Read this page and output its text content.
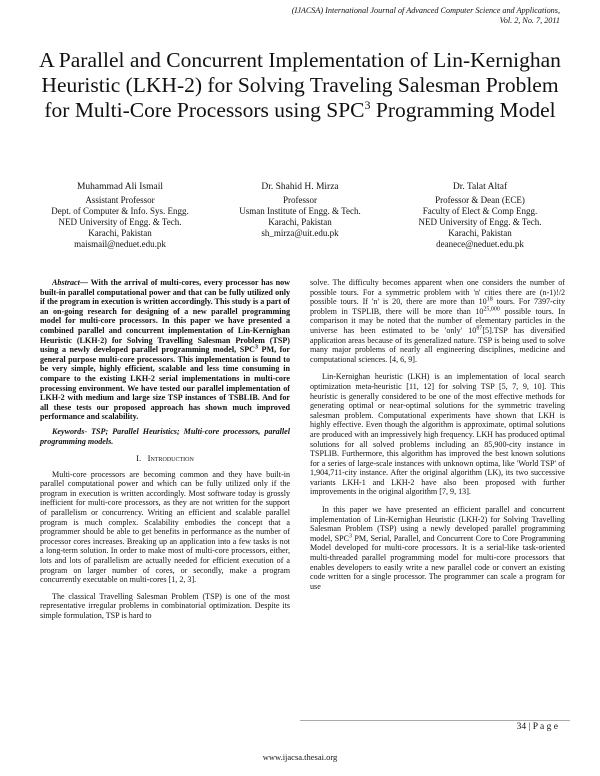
(IJACSA) International Journal of Advanced Computer Science and Applications,
Vol. 2, No. 7, 2011
A Parallel and Concurrent Implementation of Lin-Kernighan Heuristic (LKH-2) for Solving Traveling Salesman Problem for Multi-Core Processors using SPC$^3$ Programming Model
Muhammad Ali Ismail
Assistant Professor
Dept. of Computer & Info. Sys. Engg.
NED University of Engg. & Tech.
Karachi, Pakistan
maismail@neduet.edu.pk
Dr. Shahid H. Mirza
Professor
Usman Institute of Engg. & Tech.
Karachi, Pakistan
sh_mirza@uit.edu.pk
Dr. Talat Altaf
Professor & Dean (ECE)
Faculty of Elect & Comp Engg.
NED University of Engg. & Tech.
Karachi, Pakistan
deanece@neduet.edu.pk

Abstract— With the arrival of multi-cores, every processor has now built-in parallel computational power and that can be fully utilized only if the program in execution is written accordingly. This study is a part of an on-going research for designing of a new parallel programming model for multi-core processors. In this paper we have presented a combined parallel and concurrent implementation of Lin-Kernighan Heuristic (LKH-2) for Solving Travelling Salesman Problem (TSP) using a newly developed parallel programming model, SPC$^3$ PM, for general purpose multi-core processors. This implementation is found to be very simple, highly efficient, scalable and less time consuming in compare to the existing LKH-2 serial implementations in multi-core processing environment. We have tested our parallel implementation of LKH-2 with medium and large size TSP instances of TSBLIB. And for all these tests our proposed approach has shown much improved performance and scalability.

Keywords- TSP; Parallel Heuristics; Multi-core processors, parallel programming models.

I. Introduction

Multi-core processors are becoming common and they have built-in parallel computational power and which can be fully utilized only if the program in execution is written accordingly. Most software today is grossly inefficient for multi-core processors, as they are not written for the support of parallelism or concurrency. Writing an efficient and scalable parallel program is much complex. Scalability embodies the concept that a programmer should be able to get benefits in performance as the number of processor cores increases. Breaking up an application into a few tasks is not a long-term solution. In order to make most of multi-core processors, either, lots and lots of parallelism are actually needed for efficient execution of a program on larger number of cores, or secondly, make a program concurrently executable on multi-cores [1, 2, 3].

The classical Travelling Salesman Problem (TSP) is one of the most representative irregular problems in combinatorial optimization. Despite its simple formulation, TSP is hard to

solve. The difficulty becomes apparent when one considers the number of possible tours. For a symmetric problem with 'n' cities there are (n-1)!/2 possible tours. If 'n' is 20, there are more than $10^{18}$ tours. For 7397-city problem in TSPLIB, there will be more than 10$^{25,000}$ possible tours. In comparison it may be noted that the number of elementary particles in the universe has been estimated to be 'only' $10^{87}[5].TSP$ has diversified application areas because of its generalized nature. TSP is being used to solve many major problems of nearly all engineering disciplines, medicine and computational sciences. [4, 6, 9].

Lin-Kernighan heuristic (LKH) is an implementation of local search optimization meta-heuristic [11, 12] for solving TSP [5, 7, 9, 10]. This heuristic is generally considered to be one of the most effective methods for generating optimal or near-optimal solutions for the symmetric traveling salesman problem. Computational experiments have shown that LKH is highly effective. Even though the algorithm is approximate, optimal solutions are produced with an impressively high frequency. LKH has produced optimal solutions for all solved problems including an 85,900-city instance in TSPLIB. Furthermore, this algorithm has improved the best known solutions for a series of large-scale instances with unknown optima, like 'World TSP' of 1,904,711-city instance. After the original algorithm (LK), its two successive variants LKH-1 and LKH-2 have also been proposed with further improvements in the original algorithm [7, 9, 13].

In this paper we have presented an efficient parallel and concurrent implementation of Lin-Kernighan Heuristic (LKH-2) for Solving Travelling Salesman Problem (TSP) using a newly developed parallel programming model, SPC$^3$ PM, Serial, Parallel, and Concurrent Core to Core Programming Model developed for multi-core processors. It is a serial-like task-oriented multi-threaded parallel programming model for multi-core processors that enables developers to easily write a new parallel code or convert an existing code written for a single processor. The programmer can scale a program for use

34 | P a g e
www.ijacsa.thesai.org
